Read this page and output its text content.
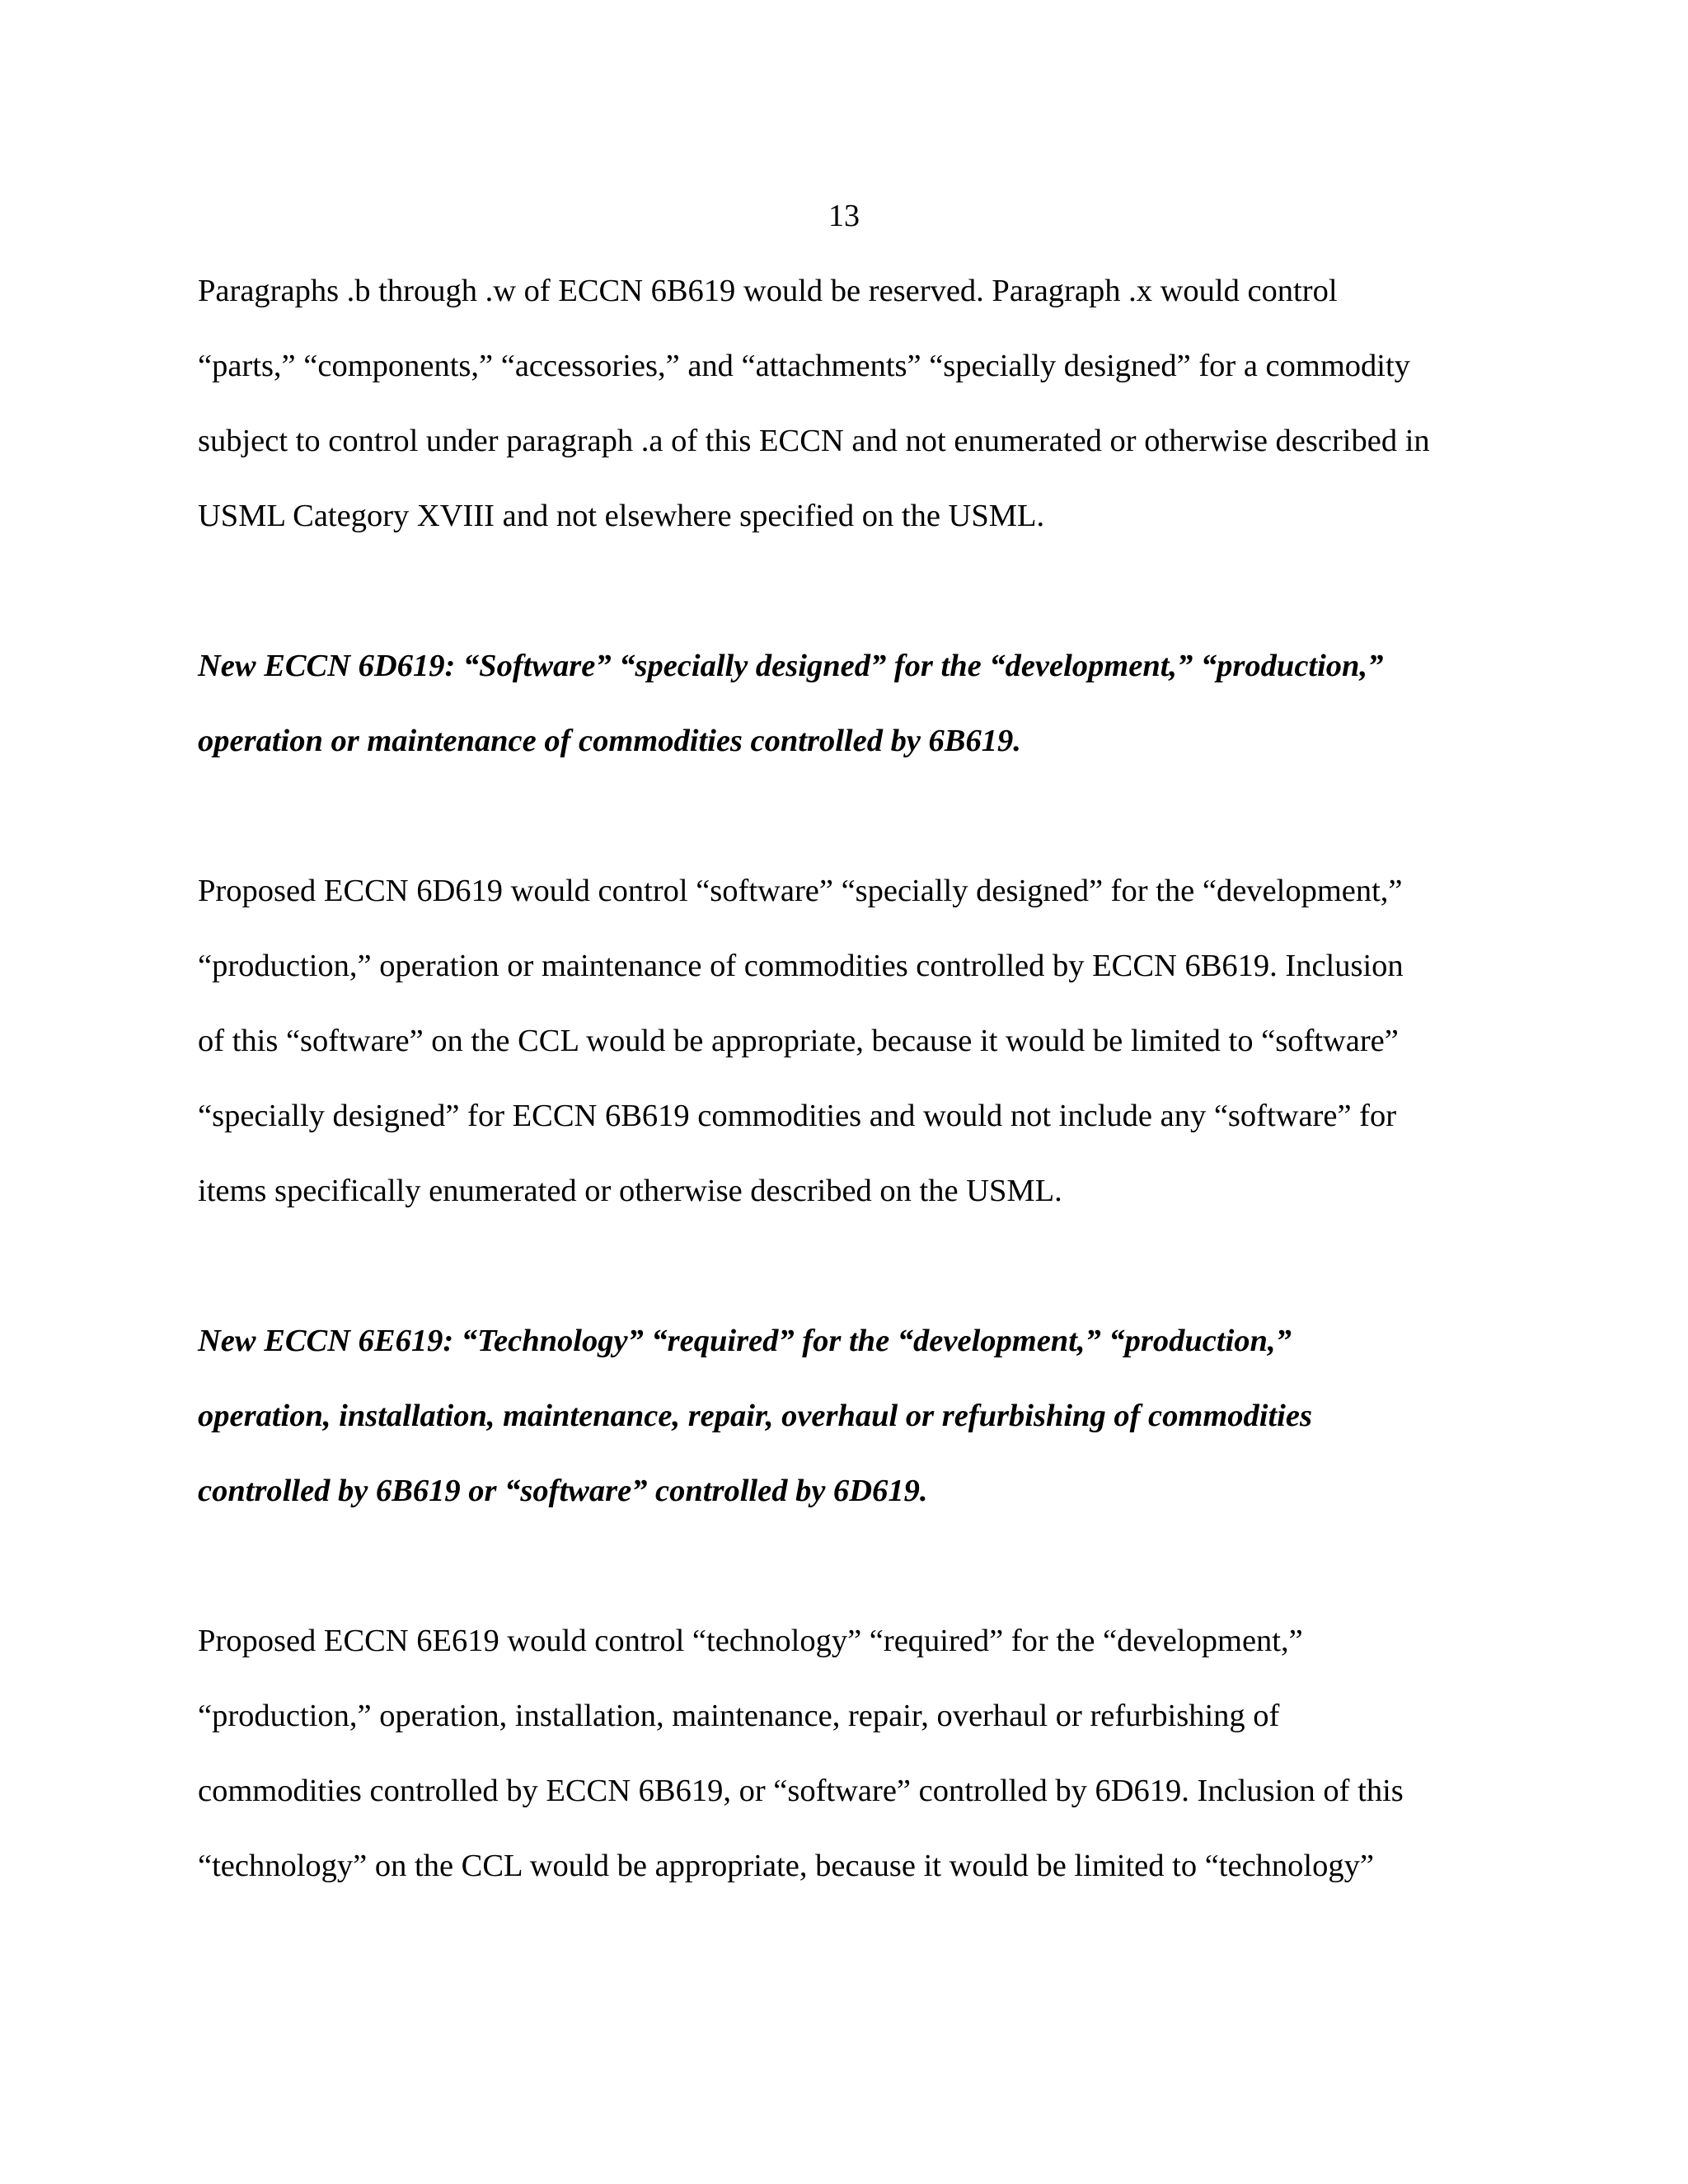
13
Paragraphs .b through .w of ECCN 6B619 would be reserved. Paragraph .x would control
“parts,” “components,” “accessories,” and “attachments” “specially designed” for a commodity
subject to control under paragraph .a of this ECCN and not enumerated or otherwise described in
USML Category XVIII and not elsewhere specified on the USML.
New ECCN 6D619: “Software” “specially designed” for the “development,” “production,”
operation or maintenance of commodities controlled by 6B619.
Proposed ECCN 6D619 would control “software” “specially designed” for the “development,”
“production,” operation or maintenance of commodities controlled by ECCN 6B619. Inclusion
of this “software” on the CCL would be appropriate, because it would be limited to “software”
“specially designed” for ECCN 6B619 commodities and would not include any “software” for
items specifically enumerated or otherwise described on the USML.
New ECCN 6E619: “Technology” “required” for the “development,” “production,”
operation, installation, maintenance, repair, overhaul or refurbishing of commodities
controlled by 6B619 or “software” controlled by 6D619.
Proposed ECCN 6E619 would control “technology” “required” for the “development,”
“production,” operation, installation, maintenance, repair, overhaul or refurbishing of
commodities controlled by ECCN 6B619, or “software” controlled by 6D619. Inclusion of this
“technology” on the CCL would be appropriate, because it would be limited to “technology”
